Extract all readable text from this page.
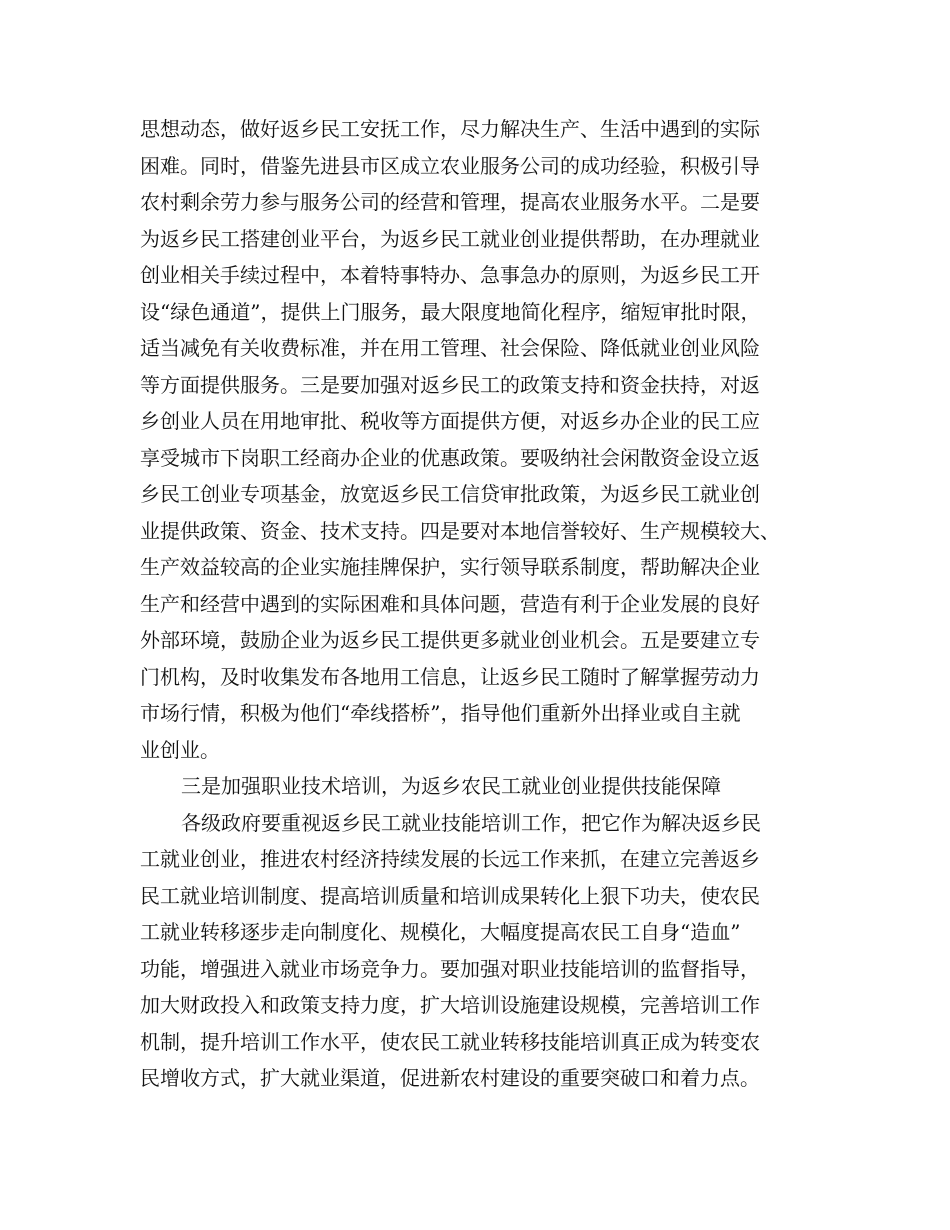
思想动态，做好返乡民工安抚工作，尽力解决生产、生活中遇到的实际
困难。同时，借鉴先进县市区成立农业服务公司的成功经验，积极引导
农村剩余劳力参与服务公司的经营和管理，提高农业服务水平。二是要
为返乡民工搭建创业平台，为返乡民工就业创业提供帮助，在办理就业
创业相关手续过程中，本着特事特办、急事急办的原则，为返乡民工开
设“绿色通道”，提供上门服务，最大限度地简化程序，缩短审批时限，
适当减免有关收费标准，并在用工管理、社会保险、降低就业创业风险
等方面提供服务。三是要加强对返乡民工的政策支持和资金扶持，对返
乡创业人员在用地审批、税收等方面提供方便，对返乡办企业的民工应
享受城市下岗职工经商办企业的优惠政策。要吸纳社会闲散资金设立返
乡民工创业专项基金，放宽返乡民工信贷审批政策，为返乡民工就业创
业提供政策、资金、技术支持。四是要对本地信誉较好、生产规模较大、
生产效益较高的企业实施挂牌保护，实行领导联系制度，帮助解决企业
生产和经营中遇到的实际困难和具体问题，营造有利于企业发展的良好
外部环境，鼓励企业为返乡民工提供更多就业创业机会。五是要建立专
门机构，及时收集发布各地用工信息，让返乡民工随时了解掌握劳动力
市场行情，积极为他们“牵线搭桥”，指导他们重新外出择业或自主就
业创业。
三是加强职业技术培训，为返乡农民工就业创业提供技能保障
各级政府要重视返乡民工就业技能培训工作，把它作为解决返乡民
工就业创业，推进农村经济持续发展的长远工作来抓，在建立完善返乡
民工就业培训制度、提高培训质量和培训成果转化上狠下功夫，使农民
工就业转移逐步走向制度化、规模化，大幅度提高农民工自身“造血”
功能，增强进入就业市场竞争力。要加强对职业技能培训的监督指导，
加大财政投入和政策支持力度，扩大培训设施建设规模，完善培训工作
机制，提升培训工作水平，使农民工就业转移技能培训真正成为转变农
民增收方式，扩大就业渠道，促进新农村建设的重要突破口和着力点。
